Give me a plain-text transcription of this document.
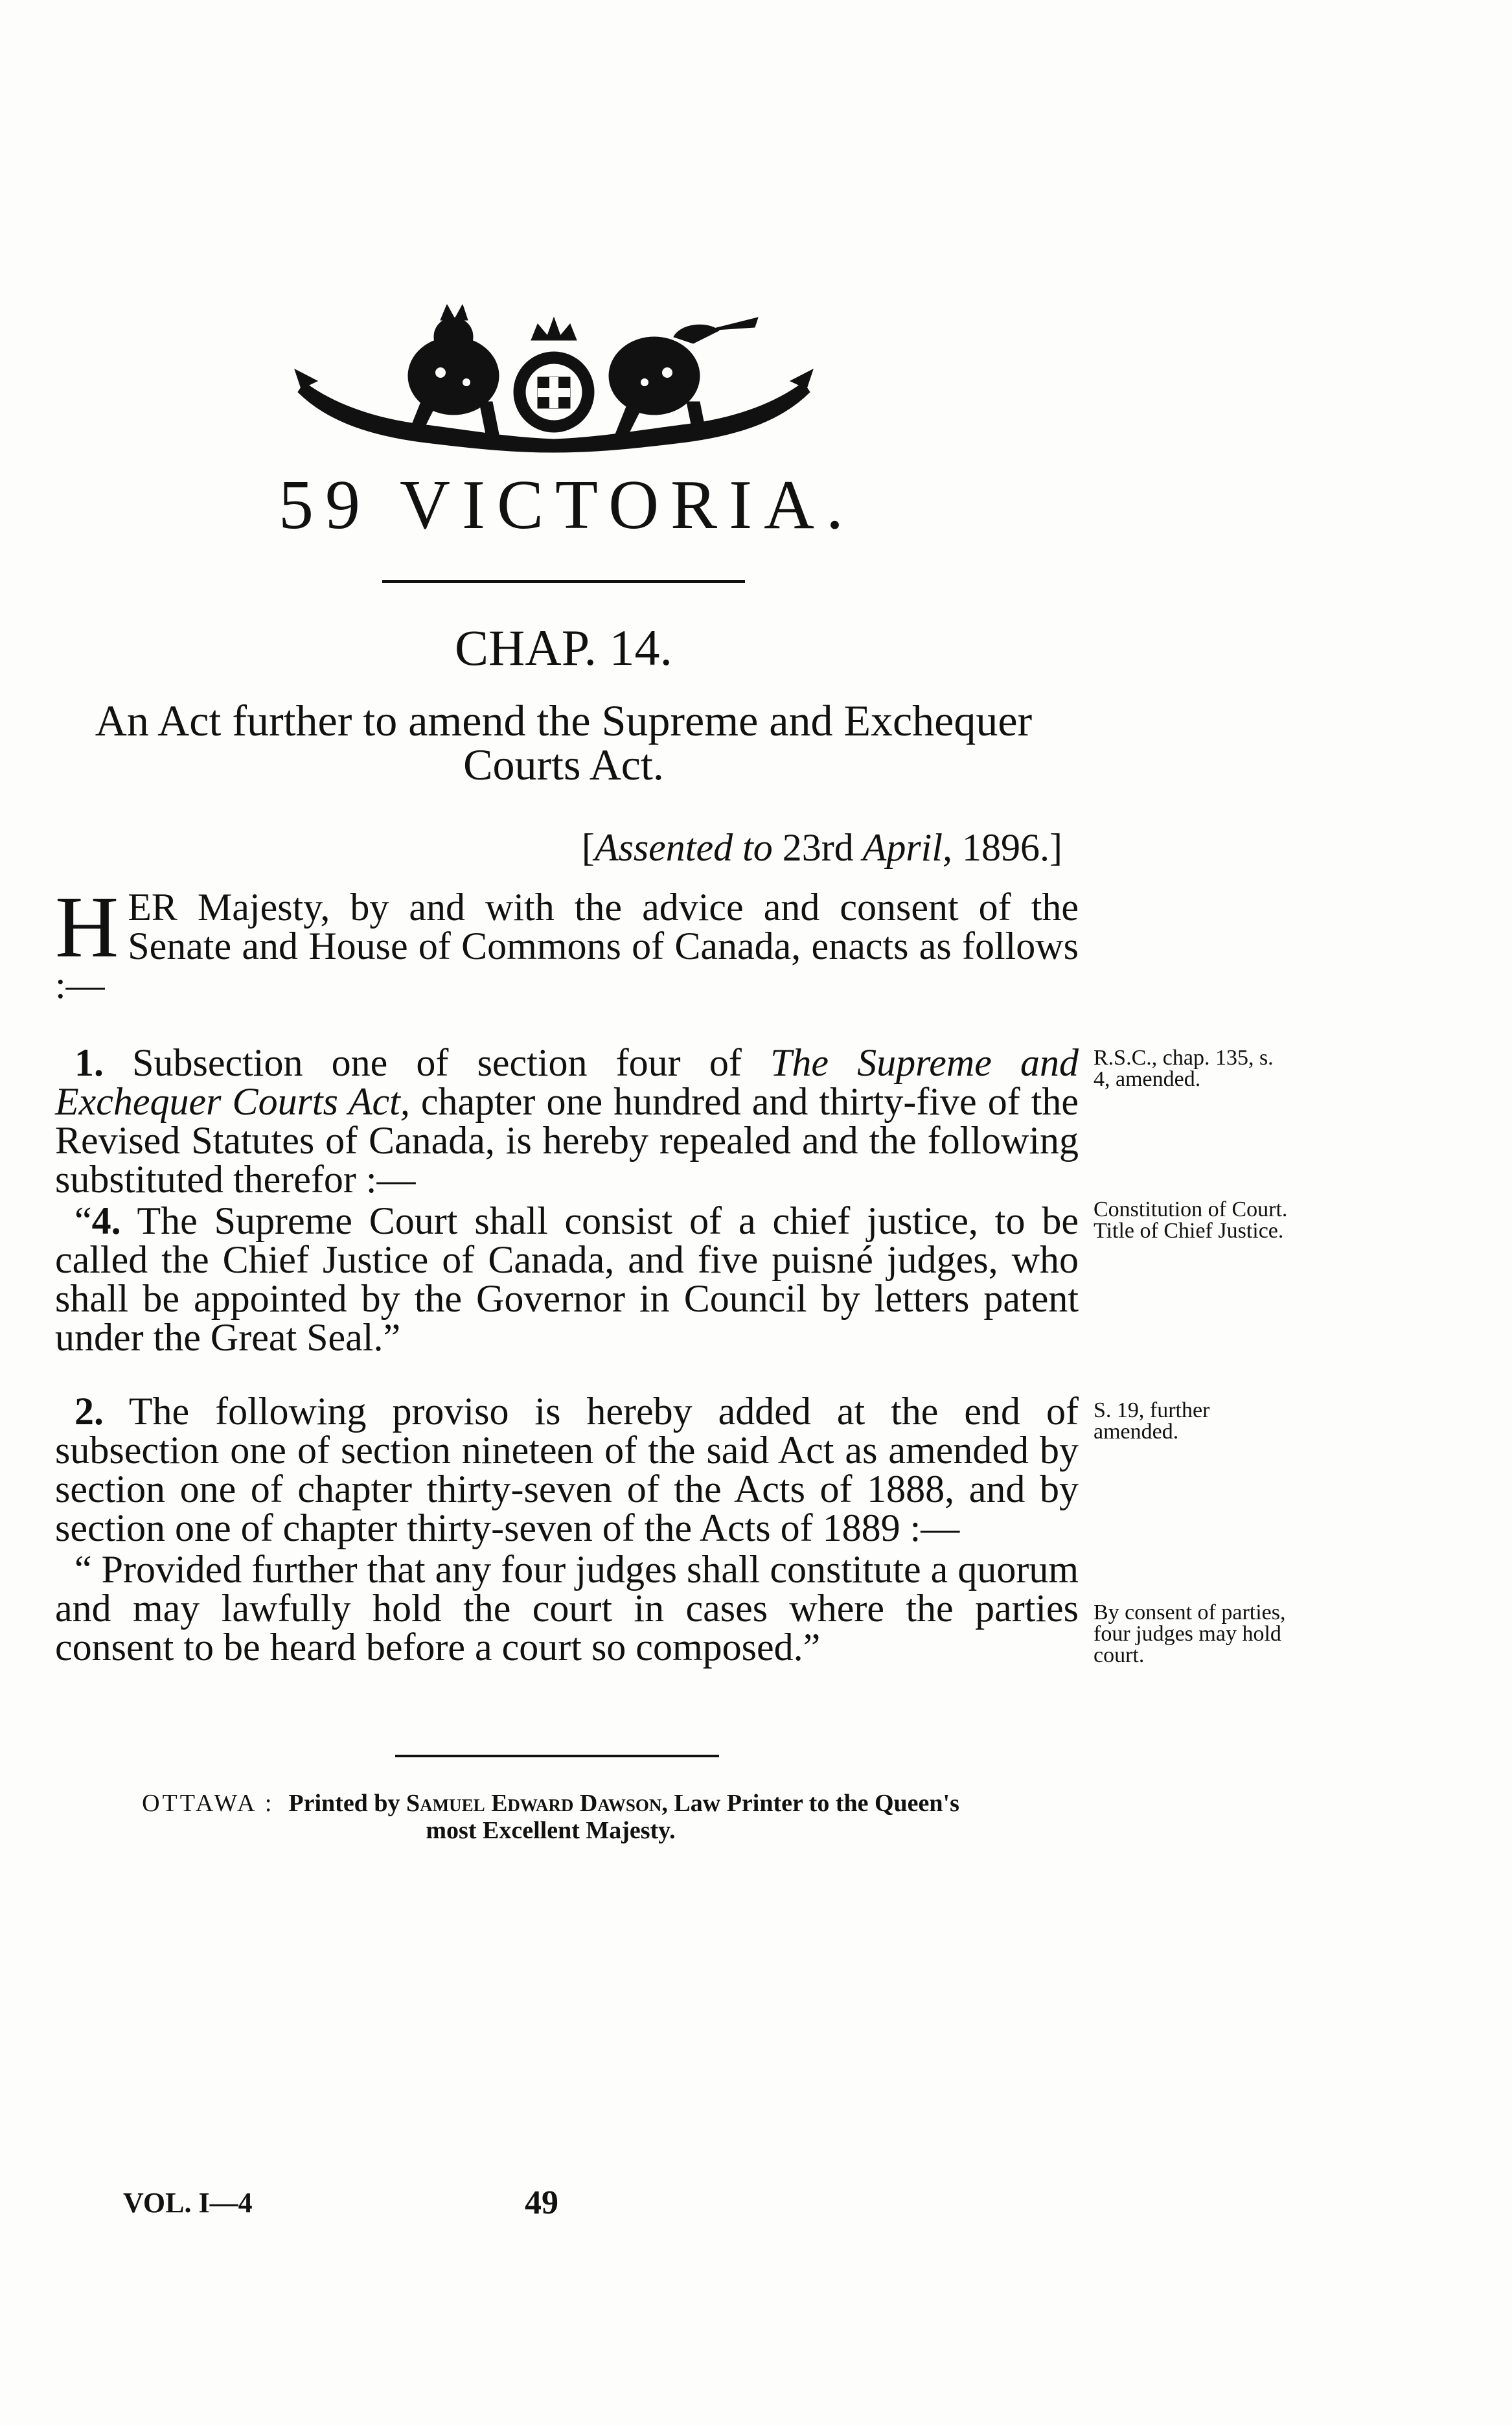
59 VICTORIA.
CHAP. 14.
An Act further to amend the Supreme and Exchequer
Courts Act.
[Assented to 23rd April, 1896.]
HER Majesty, by and with the advice and consent of the Senate and House of Commons of Canada, enacts as follows :—

1. Subsection one of section four of The Supreme and Exchequer Courts Act, chapter one hundred and thirty-five of the Revised Statutes of Canada, is hereby repealed and the following substituted therefor :—

“4. The Supreme Court shall consist of a chief justice, to be called the Chief Justice of Canada, and five puisné judges, who shall be appointed by the Governor in Council by letters patent under the Great Seal.”

2. The following proviso is hereby added at the end of subsection one of section nineteen of the said Act as amended by section one of chapter thirty-seven of the Acts of 1888, and by section one of chapter thirty-seven of the Acts of 1889 :—

“ Provided further that any four judges shall constitute a quorum and may lawfully hold the court in cases where the parties consent to be heard before a court so composed.”

R.S.C., chap. 135, s. 4, amended.
Constitution of Court. Title of Chief Justice.
S. 19, further amended.
By consent of parties, four judges may hold court.
OTTAWA : Printed by Samuel Edward Dawson, Law Printer to the Queen's
most Excellent Majesty.
VOL. I—4	49
